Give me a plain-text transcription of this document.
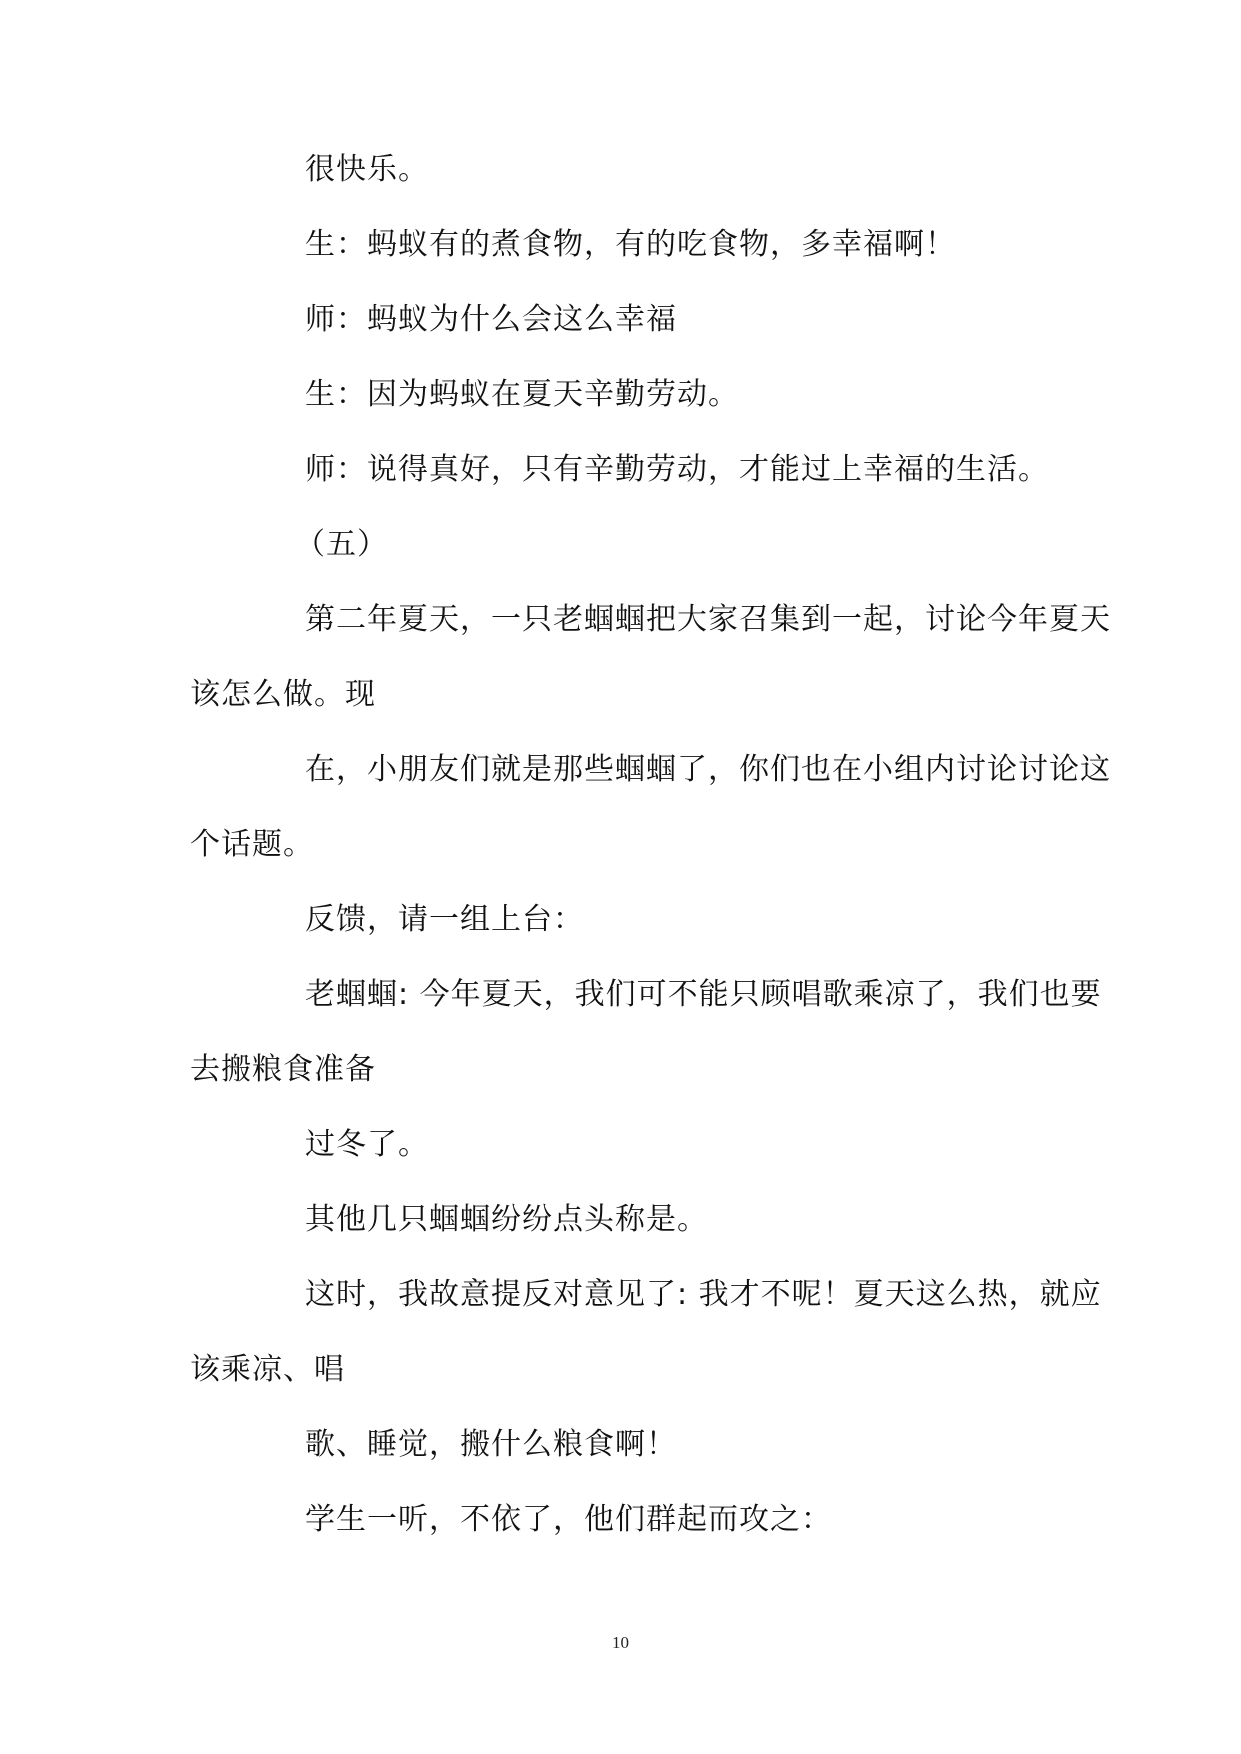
很快乐。
生：蚂蚁有的煮食物，有的吃食物，多幸福啊！
师：蚂蚁为什么会这么幸福
生：因为蚂蚁在夏天辛勤劳动。
师：说得真好，只有辛勤劳动，才能过上幸福的生活。
（五）
第二年夏天，一只老蝈蝈把大家召集到一起，讨论今年夏天
该怎么做。现
在，小朋友们就是那些蝈蝈了，你们也在小组内讨论讨论这
个话题。
反馈，请一组上台：
老蝈蝈: 今年夏天，我们可不能只顾唱歌乘凉了，我们也要
去搬粮食准备
过冬了。
其他几只蝈蝈纷纷点头称是。
这时，我故意提反对意见了: 我才不呢！夏天这么热，就应
该乘凉、唱
歌、睡觉，搬什么粮食啊！
学生一听，不依了，他们群起而攻之：
10
